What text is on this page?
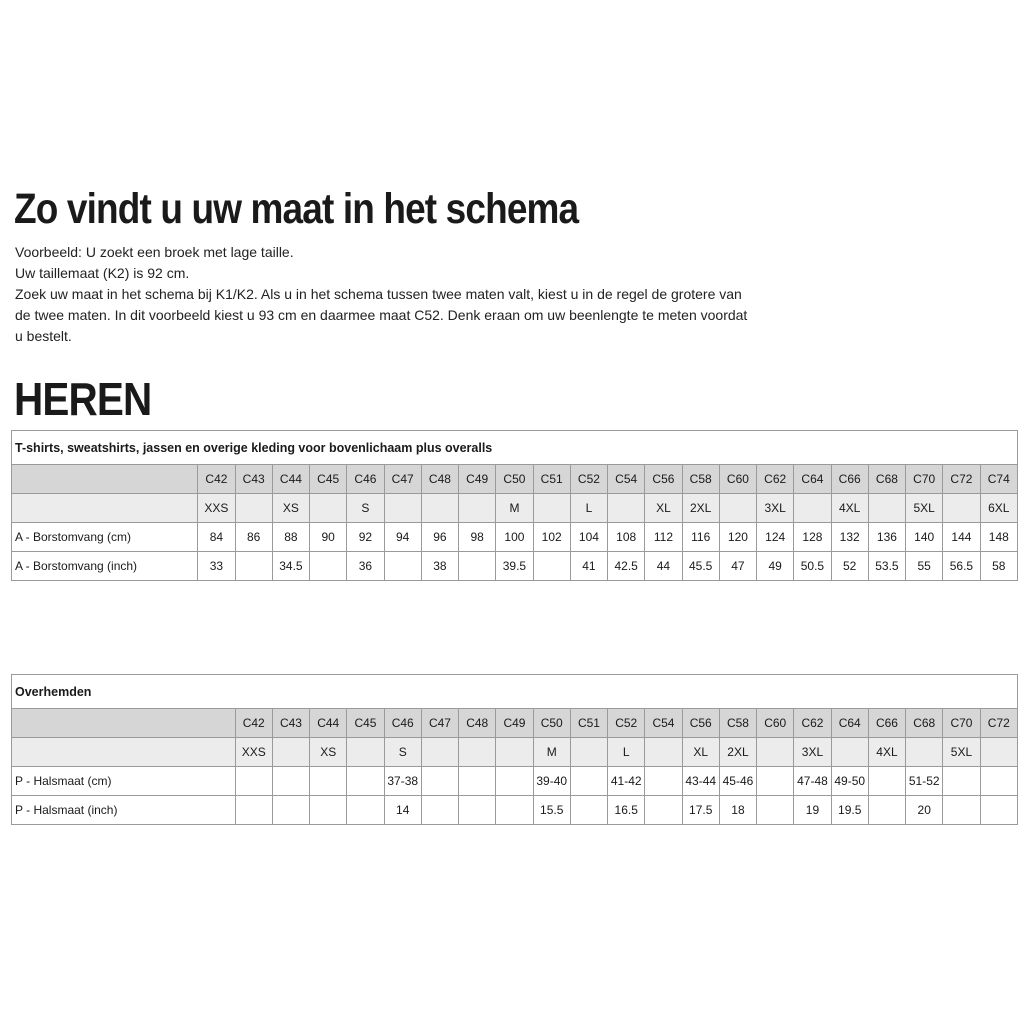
Zo vindt u uw maat in het schema

Voorbeeld: U zoekt een broek met lage taille.

Uw taillemaat (K2) is 92 cm.

Zoek uw maat in het schema bij K1/K2. Als u in het schema tussen twee maten valt, kiest u in de regel de grotere van de twee maten. In dit voorbeeld kiest u 93 cm en daarmee maat C52. Denk eraan om uw beenlengte te meten voordat u bestelt.

HEREN
T-shirts, sweatshirts, jassen en overige kleding voor bovenlichaam plus overalls																						
	C42	C43	C44	C45	C46	C47	C48	C49	C50	C51	C52	C54	C56	C58	C60	C62	C64	C66	C68	C70	C72	C74
	XXS		XS		S				M		L		XL	2XL		3XL		4XL		5XL		6XL
A - Borstomvang (cm)	84	86	88	90	92	94	96	98	100	102	104	108	112	116	120	124	128	132	136	140	144	148
A - Borstomvang (inch)	33		34.5		36		38		39.5		41	42.5	44	45.5	47	49	50.5	52	53.5	55	56.5	58
Overhemden																					
	C42	C43	C44	C45	C46	C47	C48	C49	C50	C51	C52	C54	C56	C58	C60	C62	C64	C66	C68	C70	C72
	XXS		XS		S				M		L		XL	2XL		3XL		4XL		5XL	
P - Halsmaat (cm)					37-38				39-40		41-42		43-44	45-46		47-48	49-50		51-52		
P - Halsmaat (inch)					14				15.5		16.5		17.5	18		19	19.5		20		
